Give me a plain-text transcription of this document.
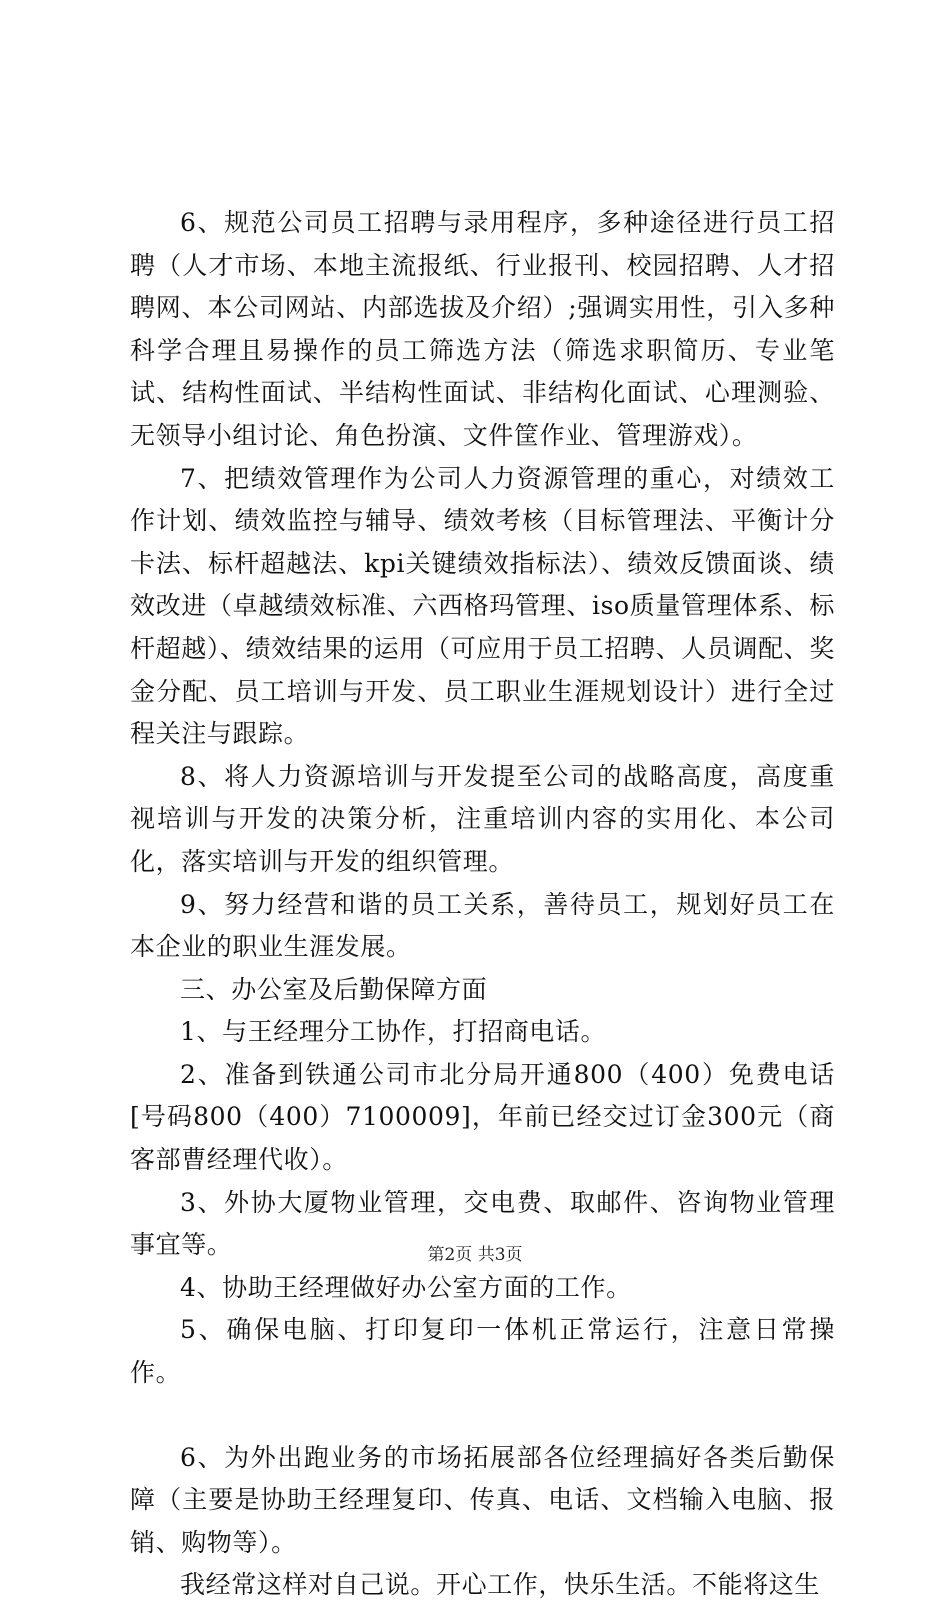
6、规范公司员工招聘与录用程序，多种途径进行员工招聘（人才市场、本地主流报纸、行业报刊、校园招聘、人才招聘网、本公司网站、内部选拔及介绍）;强调实用性，引入多种科学合理且易操作的员工筛选方法（筛选求职简历、专业笔试、结构性面试、半结构性面试、非结构化面试、心理测验、无领导小组讨论、角色扮演、文件筐作业、管理游戏）。

7、把绩效管理作为公司人力资源管理的重心，对绩效工作计划、绩效监控与辅导、绩效考核（目标管理法、平衡计分卡法、标杆超越法、kpi关键绩效指标法）、绩效反馈面谈、绩效改进（卓越绩效标准、六西格玛管理、iso质量管理体系、标杆超越）、绩效结果的运用（可应用于员工招聘、人员调配、奖金分配、员工培训与开发、员工职业生涯规划设计）进行全过程关注与跟踪。

8、将人力资源培训与开发提至公司的战略高度，高度重视培训与开发的决策分析，注重培训内容的实用化、本公司化，落实培训与开发的组织管理。

9、努力经营和谐的员工关系，善待员工，规划好员工在本企业的职业生涯发展。

三、办公室及后勤保障方面

1、与王经理分工协作，打招商电话。

2、准备到铁通公司市北分局开通800（400）免费电话[号码800（400）7100009]，年前已经交过订金300元（商客部曹经理代收）。

3、外协大厦物业管理，交电费、取邮件、咨询物业管理事宜等。

4、协助王经理做好办公室方面的工作。

5、确保电脑、打印复印一体机正常运行，注意日常操作。

6、为外出跑业务的市场拓展部各位经理搞好各类后勤保障（主要是协助王经理复印、传真、电话、文档输入电脑、报销、购物等）。

我经常这样对自己说。开心工作，快乐生活。不能将这生

第2页 共3页
